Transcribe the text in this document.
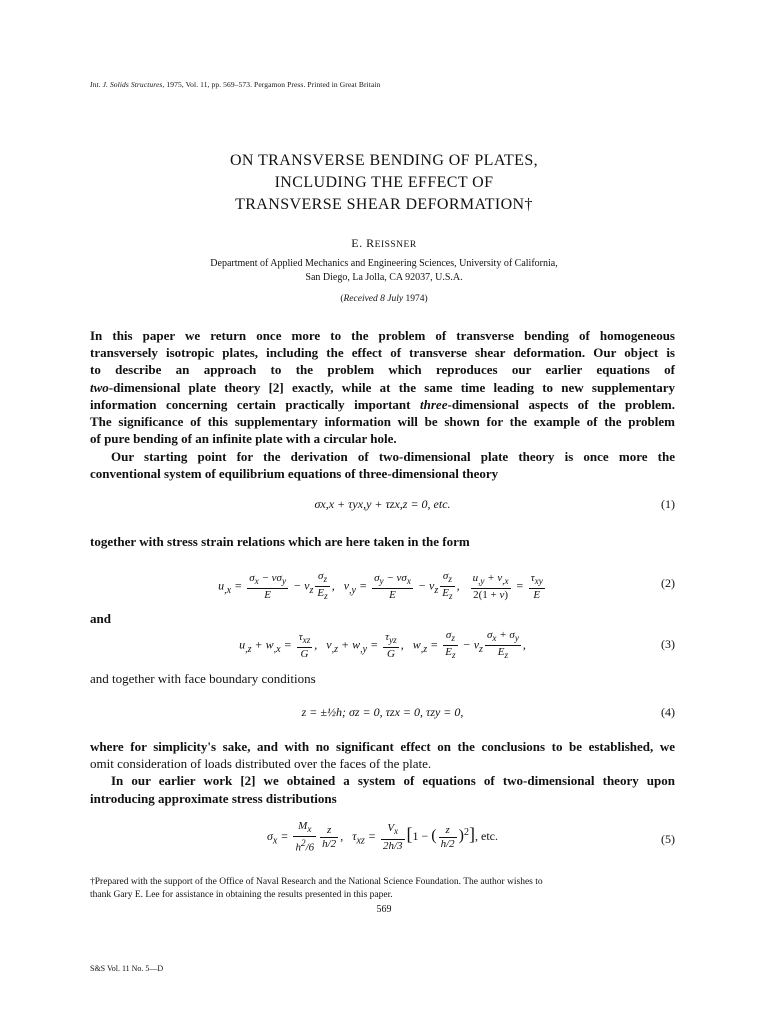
Int. J. Solids Structures, 1975, Vol. 11, pp. 569–573. Pergamon Press. Printed in Great Britain
ON TRANSVERSE BENDING OF PLATES,
INCLUDING THE EFFECT OF
TRANSVERSE SHEAR DEFORMATION†
E. REISSNER
Department of Applied Mechanics and Engineering Sciences, University of California,
San Diego, La Jolla, CA 92037, U.S.A.
(Received 8 July 1974)
In this paper we return once more to the problem of transverse bending of homogeneous
transversely isotropic plates, including the effect of transverse shear deformation. Our object is
to describe an approach to the problem which reproduces our earlier equations of
two-dimensional plate theory [2] exactly, while at the same time leading to new supplementary
information concerning certain practically important three-dimensional aspects of the problem.
The significance of this supplementary information will be shown for the example of the problem
of pure bending of an infinite plate with a circular hole.
Our starting point for the derivation of two-dimensional plate theory is once more the
conventional system of equilibrium equations of three-dimensional theory
σx,x + τyx,y + τzx,z = 0, etc.	(1)
together with stress strain relations which are here taken in the form
$u_{,x} = \frac{\sigma_x - \nu\sigma_y}{E} - \nu_z \frac{\sigma_z}{E_z}$ ,   $v_{,y} = \frac{\sigma_y - \nu\sigma_x}{E} - \nu_z \frac{\sigma_z}{E_z}$ , $\frac{u_{,y} + v_{,x}}{2(1 + \nu)} = \frac{\tau_{xy}}{E}$	(2)
and
$u_{,z} + w_{,x} = \frac{\tau_{xz}}{G}$ ,   $v_{,z} + w_{,y} = \frac{\tau_{yz}}{G}$ ,   $w_{,z} = \frac{\sigma_z}{E_z} - \nu_z \frac{\sigma_x + \sigma_y}{E_z}$ ,	(3)
and together with face boundary conditions
z = ±½h; σz = 0, τzx = 0, τzy = 0,	(4)
where for simplicity's sake, and with no significant effect on the conclusions to be established, we
omit consideration of loads distributed over the faces of the plate.
In our earlier work [2] we obtained a system of equations of two-dimensional theory upon
introducing approximate stress distributions
$\sigma_x = \frac{M_x}{h^2/6} \frac{z}{h/2}$ ,   $\tau_{xz} = \frac{V_x}{2h/3} [1$ − ( $\frac{z}{h/2} )^2$], etc.	(5)
†Prepared with the support of the Office of Naval Research and the National Science Foundation. The author wishes to
thank Gary E. Lee for assistance in obtaining the results presented in this paper.
569
S&S Vol. 11 No. 5—D
